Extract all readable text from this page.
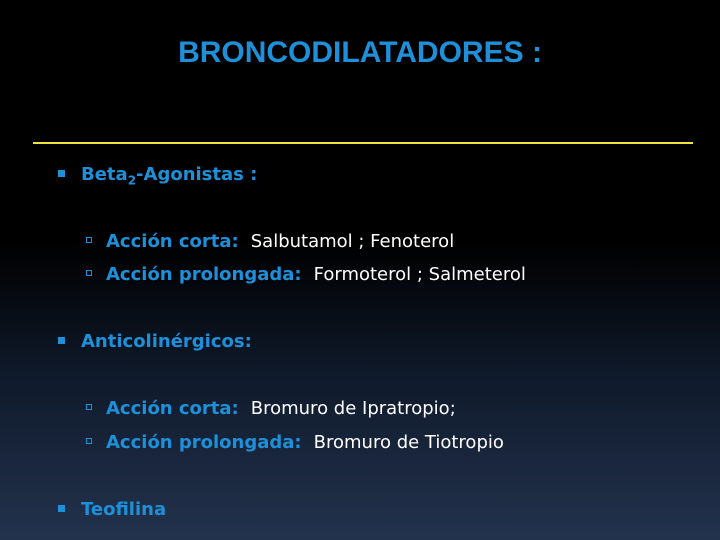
BRONCODILATADORES :
Beta$_2$-Agonistas :
Acción corta: Salbutamol ; Fenoterol
Acción prolongada: Formoterol ; Salmeterol
Anticolinérgicos:
Acción corta: Bromuro de Ipratropio;
Acción prolongada: Bromuro de Tiotropio
Teofilina
